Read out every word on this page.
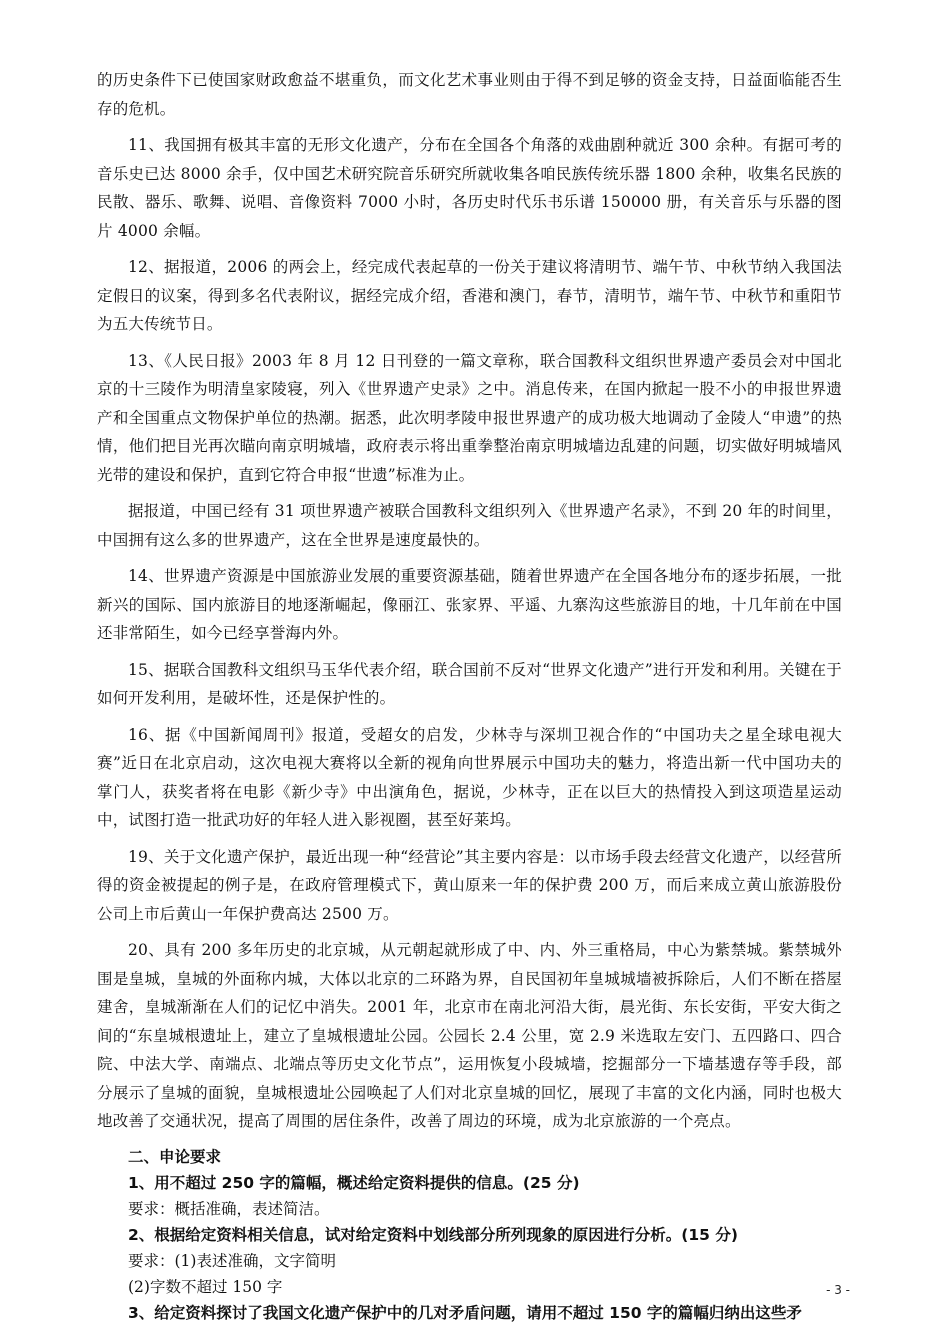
的历史条件下已使国家财政愈益不堪重负，而文化艺术事业则由于得不到足够的资金支持，日益面临能否生存的危机。

11、我国拥有极其丰富的无形文化遗产，分布在全国各个角落的戏曲剧种就近 300 余种。有据可考的音乐史已达 8000 余手，仅中国艺术研究院音乐研究所就收集各咱民族传统乐器 1800 余种，收集名民族的民散、器乐、歌舞、说唱、音像资料 7000 小时，各历史时代乐书乐谱 150000 册，有关音乐与乐器的图片 4000 余幅。

12、据报道，2006 的两会上，经完成代表起草的一份关于建议将清明节、端午节、中秋节纳入我国法定假日的议案，得到多名代表附议，据经完成介绍，香港和澳门，春节，清明节，端午节、中秋节和重阳节为五大传统节日。

13、《人民日报》2003 年 8 月 12 日刊登的一篇文章称，联合国教科文组织世界遗产委员会对中国北京的十三陵作为明清皇家陵寝，列入《世界遗产史录》之中。消息传来，在国内掀起一股不小的申报世界遗产和全国重点文物保护单位的热潮。据悉，此次明孝陵申报世界遗产的成功极大地调动了金陵人“申遗”的热情，他们把目光再次瞄向南京明城墙，政府表示将出重拳整治南京明城墙边乱建的问题，切实做好明城墙风光带的建设和保护，直到它符合申报“世遗”标准为止。

据报道，中国已经有 31 项世界遗产被联合国教科文组织列入《世界遗产名录》，不到 20 年的时间里，中国拥有这么多的世界遗产，这在全世界是速度最快的。

14、世界遗产资源是中国旅游业发展的重要资源基础，随着世界遗产在全国各地分布的逐步拓展，一批新兴的国际、国内旅游目的地逐渐崛起，像丽江、张家界、平遥、九寨沟这些旅游目的地，十几年前在中国还非常陌生，如今已经享誉海内外。

15、据联合国教科文组织马玉华代表介绍，联合国前不反对“世界文化遗产”进行开发和利用。关键在于如何开发利用，是破坏性，还是保护性的。

16、据《中国新闻周刊》报道，受超女的启发，少林寺与深圳卫视合作的“中国功夫之星全球电视大赛”近日在北京启动，这次电视大赛将以全新的视角向世界展示中国功夫的魅力，将造出新一代中国功夫的掌门人，获奖者将在电影《新少寺》中出演角色，据说，少林寺，正在以巨大的热情投入到这项造星运动中，试图打造一批武功好的年轻人进入影视圈，甚至好莱坞。

19、关于文化遗产保护，最近出现一种“经营论”其主要内容是：以市场手段去经营文化遗产，以经营所得的资金被提起的例子是，在政府管理模式下，黄山原来一年的保护费 200 万，而后来成立黄山旅游股份公司上市后黄山一年保护费高达 2500 万。

20、具有 200 多年历史的北京城，从元朝起就形成了中、内、外三重格局，中心为紫禁城。紫禁城外围是皇城，皇城的外面称内城，大体以北京的二环路为界，自民国初年皇城城墙被拆除后，人们不断在搭屋建舍，皇城渐渐在人们的记忆中消失。2001 年，北京市在南北河沿大街，晨光街、东长安街，平安大街之间的“东皇城根遗址上，建立了皇城根遗址公园。公园长 2.4 公里，宽 2.9 米选取左安门、五四路口、四合院、中法大学、南端点、北端点等历史文化节点”，运用恢复小段城墙，挖掘部分一下墙基遗存等手段，部分展示了皇城的面貌，皇城根遗址公园唤起了人们对北京皇城的回忆，展现了丰富的文化内涵，同时也极大地改善了交通状况，提高了周围的居住条件，改善了周边的环境，成为北京旅游的一个亮点。

二、申论要求

1、用不超过 250 字的篇幅，概述给定资料提供的信息。(25 分)

要求：概括准确，表述简洁。

2、根据给定资料相关信息，试对给定资料中划线部分所列现象的原因进行分析。(15 分)

要求：(1)表述准确，文字简明

(2)字数不超过 150 字

3、给定资料探讨了我国文化遗产保护中的几对矛盾问题，请用不超过 150 字的篇幅归纳出这些矛

- 3 -
